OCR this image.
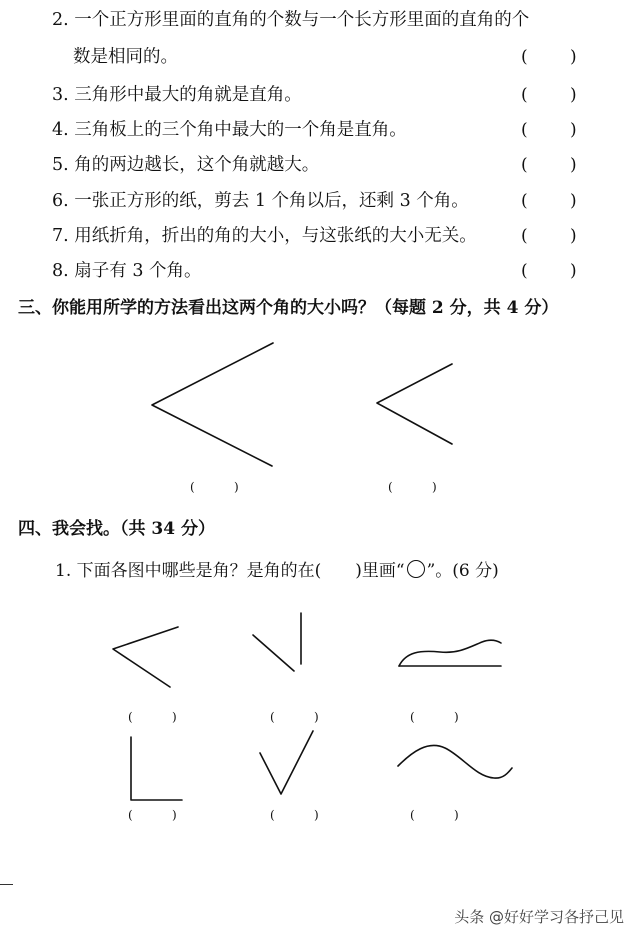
2. 一个正方形里面的直角的个数与一个长方形里面的直角的个
数是相同的。	( )
3. 三角形中最大的角就是直角。	( )
4. 三角板上的三个角中最大的一个角是直角。	( )
5. 角的两边越长，这个角就越大。	( )
6. 一张正方形的纸，剪去 1 个角以后，还剩 3 个角。	( )
7. 用纸折角，折出的角的大小，与这张纸的大小无关。	( )
8. 扇子有 3 个角。	( )
三、你能用所学的方法看出这两个角的大小吗？（每题 2 分，共 4 分）
四、我会找。（共 34 分）
1. 下面各图中哪些是角？是角的在(　　)里画“ ”。(6 分)
(	)	(	)
(	)	(	)	(	)
(	)	(	)	(	)
头条 @好好学习各抒己见
